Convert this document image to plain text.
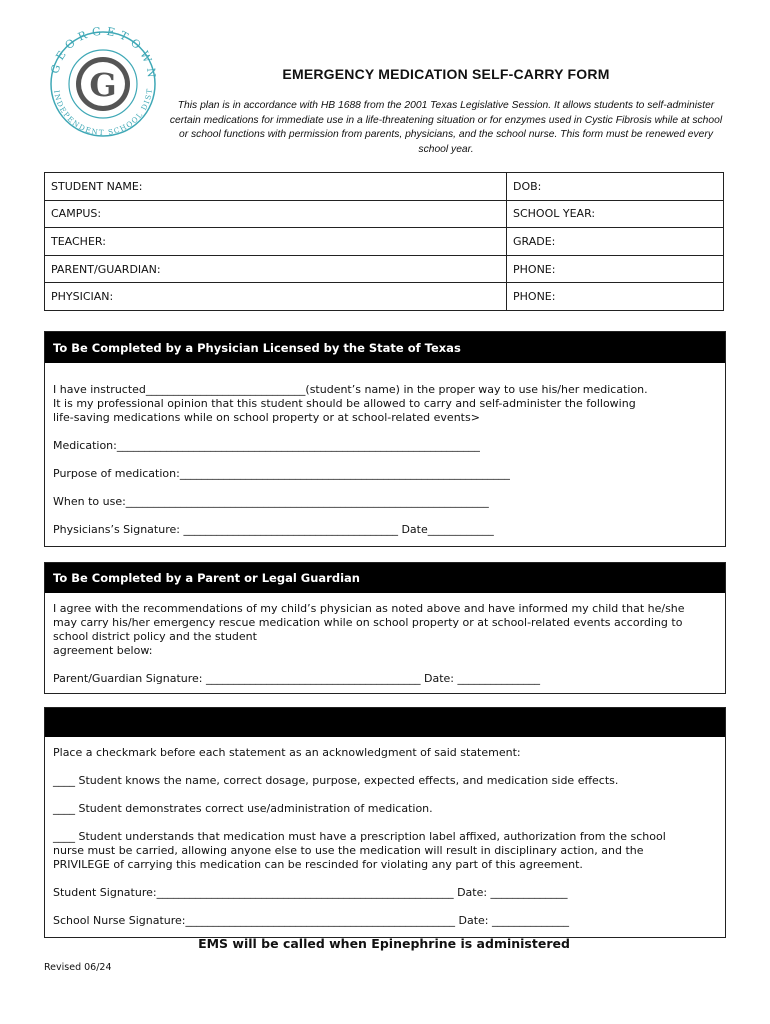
G
GEORGETOWN
INDEPENDENT SCHOOL DIST
EMERGENCY MEDICATION SELF-CARRY FORM
This plan is in accordance with HB 1688 from the 2001 Texas Legislative Session. It allows students to self-administer certain medications for immediate use in a life-threatening situation or for enzymes used in Cystic Fibrosis while at school or school functions with permission from parents, physicians, and the school nurse. This form must be renewed every school year.
STUDENT NAME:	DOB:
CAMPUS:	SCHOOL YEAR:
TEACHER:	GRADE:
PARENT/GUARDIAN:	PHONE:
PHYSICIAN:	PHONE:
To Be Completed by a Physician Licensed by the State of Texas
I have instructed_____________________________(student’s name) in the proper way to use his/her medication.
It is my professional opinion that this student should be allowed to carry and self-administer the following
life-saving medications while on school property or at school-related events>
Medication:__________________________________________________________________
Purpose of medication:____________________________________________________________
When to use:__________________________________________________________________
Physicians’s Signature: _______________________________________ Date____________
To Be Completed by a Parent or Legal Guardian
I agree with the recommendations of my child’s physician as noted above and have informed my child that he/she
may carry his/her emergency rescue medication while on school property or at school-related events according to
school district policy and the student
agreement below:
Parent/Guardian Signature: _______________________________________ Date: _______________
Place a checkmark before each statement as an acknowledgment of said statement:
____ Student knows the name, correct dosage, purpose, expected effects, and medication side effects.
____ Student demonstrates correct use/administration of medication.
____ Student understands that medication must have a prescription label affixed, authorization from the school
nurse must be carried, allowing anyone else to use the medication will result in disciplinary action, and the
PRIVILEGE of carrying this medication can be rescinded for violating any part of this agreement.
Student Signature:______________________________________________________ Date: ______________
School Nurse Signature:_________________________________________________ Date: ______________
EMS will be called when Epinephrine is administered
Revised 06/24
